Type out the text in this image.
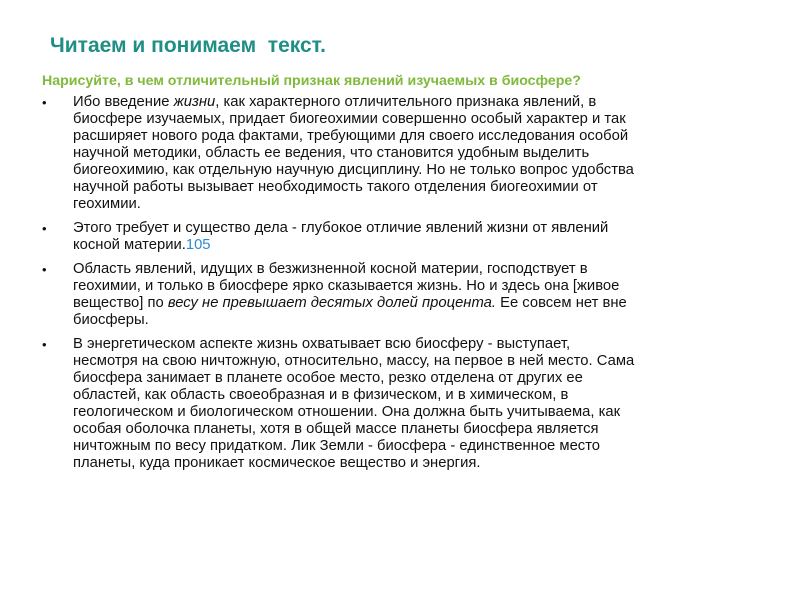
Читаем и понимаем  текст.
Нарисуйте, в чем отличительный признак явлений изучаемых в биосфере?
• Ибо введение жизни, как характерного отличительного признака явлений, в
биосфере изучаемых, придает биогеохимии совершенно особый характер и так
расширяет нового рода фактами, требующими для своего исследования особой
научной методики, область ее ведения, что становится удобным выделить
биогеохимию, как отдельную научную дисциплину. Но не только вопрос удобства
научной работы вызывает необходимость такого отделения биогеохимии от
геохимии.
• Этого требует и существо дела - глубокое отличие явлений жизни от явлений
косной материи.105
• Область явлений, идущих в безжизненной косной материи, господствует в
геохимии, и только в биосфере ярко сказывается жизнь. Но и здесь она [живое
вещество] по весу не превышает десятых долей процента. Ее совсем нет вне
биосферы.
• В энергетическом аспекте жизнь охватывает всю биосферу - выступает,
несмотря на свою ничтожную, относительно, массу, на первое в ней место. Сама
биосфера занимает в планете особое место, резко отделена от других ее
областей, как область своеобразная и в физическом, и в химическом, в
геологическом и биологическом отношении. Она должна быть учитываема, как
особая оболочка планеты, хотя в общей массе планеты биосфера является
ничтожным по весу придатком. Лик Земли - биосфера - единственное место
планеты, куда проникает космическое вещество и энергия.
